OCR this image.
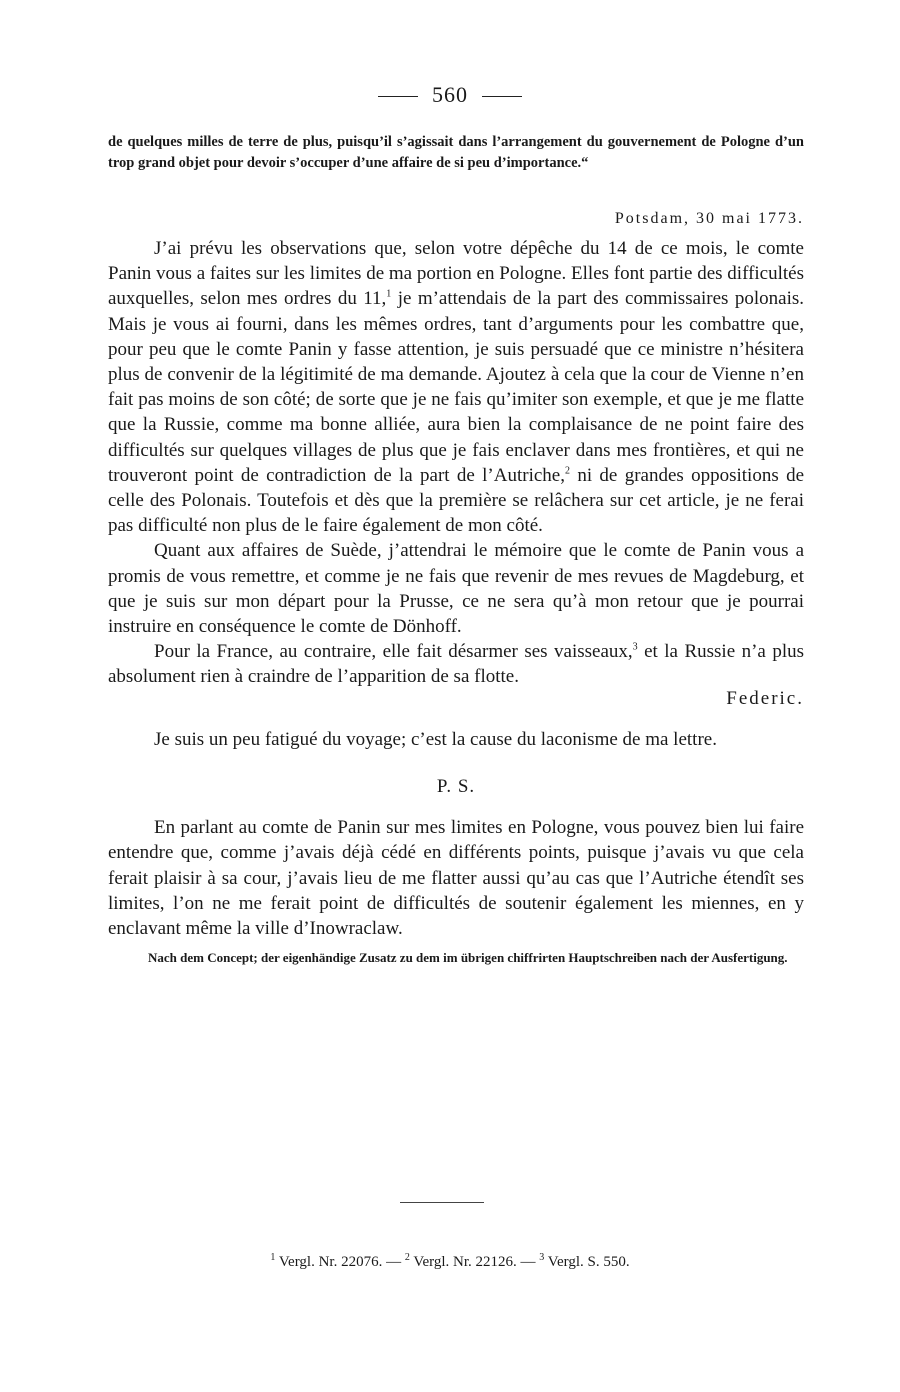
560
de quelques milles de terre de plus, puisqu’il s’agissait dans l’arrangement du gouvernement de Pologne d’un trop grand objet pour devoir s’occuper d’une affaire de si peu d’importance.“
Potsdam, 30 mai 1773.

J’ai prévu les observations que, selon votre dépêche du 14 de ce mois, le comte Panin vous a faites sur les limites de ma portion en Pologne. Elles font partie des difficultés auxquelles, selon mes ordres du 11,$^1$ je m’attendais de la part des commissaires polonais. Mais je vous ai fourni, dans les mêmes ordres, tant d’arguments pour les combattre que, pour peu que le comte Panin y fasse attention, je suis persuadé que ce ministre n’hésitera plus de convenir de la légitimité de ma demande. Ajoutez à cela que la cour de Vienne n’en fait pas moins de son côté; de sorte que je ne fais qu’imiter son exemple, et que je me flatte que la Russie, comme ma bonne alliée, aura bien la complaisance de ne point faire des difficultés sur quelques villages de plus que je fais enclaver dans mes frontières, et qui ne trouveront point de contradiction de la part de l’Autriche,$^2$ ni de grandes oppositions de celle des Polonais. Toutefois et dès que la première se relâchera sur cet article, je ne ferai pas difficulté non plus de le faire également de mon côté.

Quant aux affaires de Suède, j’attendrai le mémoire que le comte de Panin vous a promis de vous remettre, et comme je ne fais que revenir de mes revues de Magdeburg, et que je suis sur mon départ pour la Prusse, ce ne sera qu’à mon retour que je pourrai instruire en conséquence le comte de Dönhoff.

Pour la France, au contraire, elle fait désarmer ses vaisseaux,$^3$ et la Russie n’a plus absolument rien à craindre de l’apparition de sa flotte.

Federic.

Je suis un peu fatigué du voyage; c’est la cause du laconisme de ma lettre.

P. S.

En parlant au comte de Panin sur mes limites en Pologne, vous pouvez bien lui faire entendre que, comme j’avais déjà cédé en différents points, puisque j’avais vu que cela ferait plaisir à sa cour, j’avais lieu de me flatter aussi qu’au cas que l’Autriche étendît ses limites, l’on ne me ferait point de difficultés de soutenir également les miennes, en y enclavant même la ville d’Inowraclaw.

Nach dem Concept; der eigenhändige Zusatz zu dem im übrigen chiffrirten Hauptschreiben nach der Ausfertigung.
$^1$ Vergl. Nr. 22076. — $^2$ Vergl. Nr. 22126. — $^3$ Vergl. S. 550.
